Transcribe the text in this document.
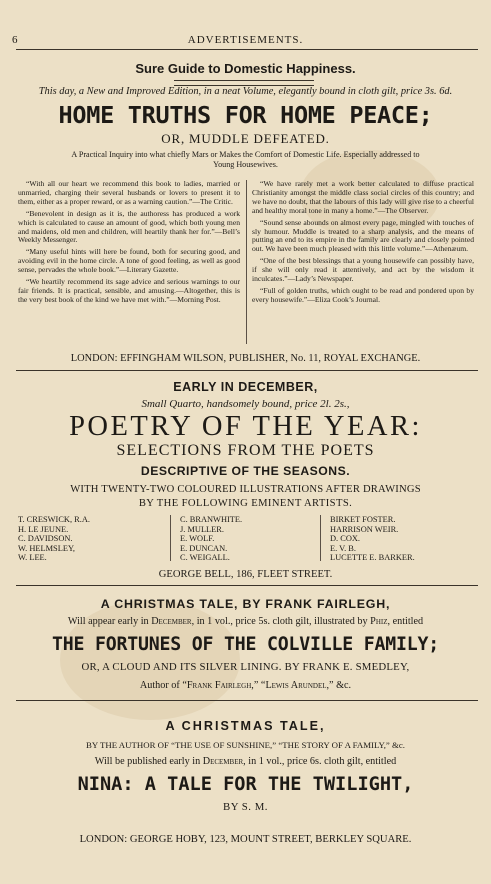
6	ADVERTISEMENTS.
Sure Guide to Domestic Happiness.
This day, a New and Improved Edition, in a neat Volume, elegantly bound in cloth gilt, price 3s. 6d.
HOME TRUTHS FOR HOME PEACE;
OR, MUDDLE DEFEATED.
A Practical Inquiry into what chiefly Mars or Makes the Comfort of Domestic Life. Especially addressed to
Young Housewives.

“With all our heart we recommend this book to ladies, married or unmarried, charging their several husbands or lovers to present it to them, either as a proper reward, or as a warning caution.”—The Critic.

“Benevolent in design as it is, the authoress has produced a work which is calculated to cause an amount of good, which both young men and maidens, old men and children, will heartily thank her for.”—Bell’s Weekly Messenger.

“Many useful hints will here be found, both for securing good, and avoiding evil in the home circle. A tone of good feeling, as well as good sense, pervades the whole book.”—Literary Gazette.

“We heartily recommend its sage advice and serious warnings to our fair friends. It is practical, sensible, and amusing.—Altogether, this is the very best book of the kind we have met with.”—Morning Post.

“We have rarely met a work better calculated to diffuse practical Christianity amongst the middle class social circles of this country; and we have no doubt, that the labours of this lady will give rise to a cheerful and healthy moral tone in many a home.”—The Observer.

“Sound sense abounds on almost every page, mingled with touches of sly humour. Muddle is treated to a sharp analysis, and the means of putting an end to its empire in the family are clearly and closely pointed out. We have been much pleased with this little volume.”—Athenæum.

“One of the best blessings that a young housewife can possibly have, if she will only read it attentively, and act by the wisdom it inculcates.”—Lady’s Newspaper.

“Full of golden truths, which ought to be read and pondered upon by every housewife.”—Eliza Cook’s Journal.

LONDON: EFFINGHAM WILSON, PUBLISHER, No. 11, ROYAL EXCHANGE.
EARLY IN DECEMBER,
Small Quarto, handsomely bound, price 2l. 2s.,
POETRY OF THE YEAR:
SELECTIONS FROM THE POETS
DESCRIPTIVE OF THE SEASONS.
WITH TWENTY-TWO COLOURED ILLUSTRATIONS AFTER DRAWINGS
BY THE FOLLOWING EMINENT ARTISTS.
T. CRESWICK, R.A.
H. LE JEUNE.
C. DAVIDSON.
W. HELMSLEY,
W. LEE.
C. BRANWHITE.
J. MULLER.
E. WOLF.
E. DUNCAN.
C. WEIGALL.
BIRKET FOSTER.
HARRISON WEIR.
D. COX.
E. V. B.
LUCETTE E. BARKER.
GEORGE BELL, 186, FLEET STREET.
A CHRISTMAS TALE, BY FRANK FAIRLEGH,
Will appear early in December, in 1 vol., price 5s. cloth gilt, illustrated by Phiz, entitled
THE FORTUNES OF THE COLVILLE FAMILY;
OR, A CLOUD AND ITS SILVER LINING. BY FRANK E. SMEDLEY,
Author of “Frank Fairlegh,” “Lewis Arundel,” &c.
A CHRISTMAS TALE,
BY THE AUTHOR OF “THE USE OF SUNSHINE,” “THE STORY OF A FAMILY,” &c.
Will be published early in December, in 1 vol., price 6s. cloth gilt, entitled
NINA: A TALE FOR THE TWILIGHT,
BY S. M.
LONDON: GEORGE HOBY, 123, MOUNT STREET, BERKLEY SQUARE.
